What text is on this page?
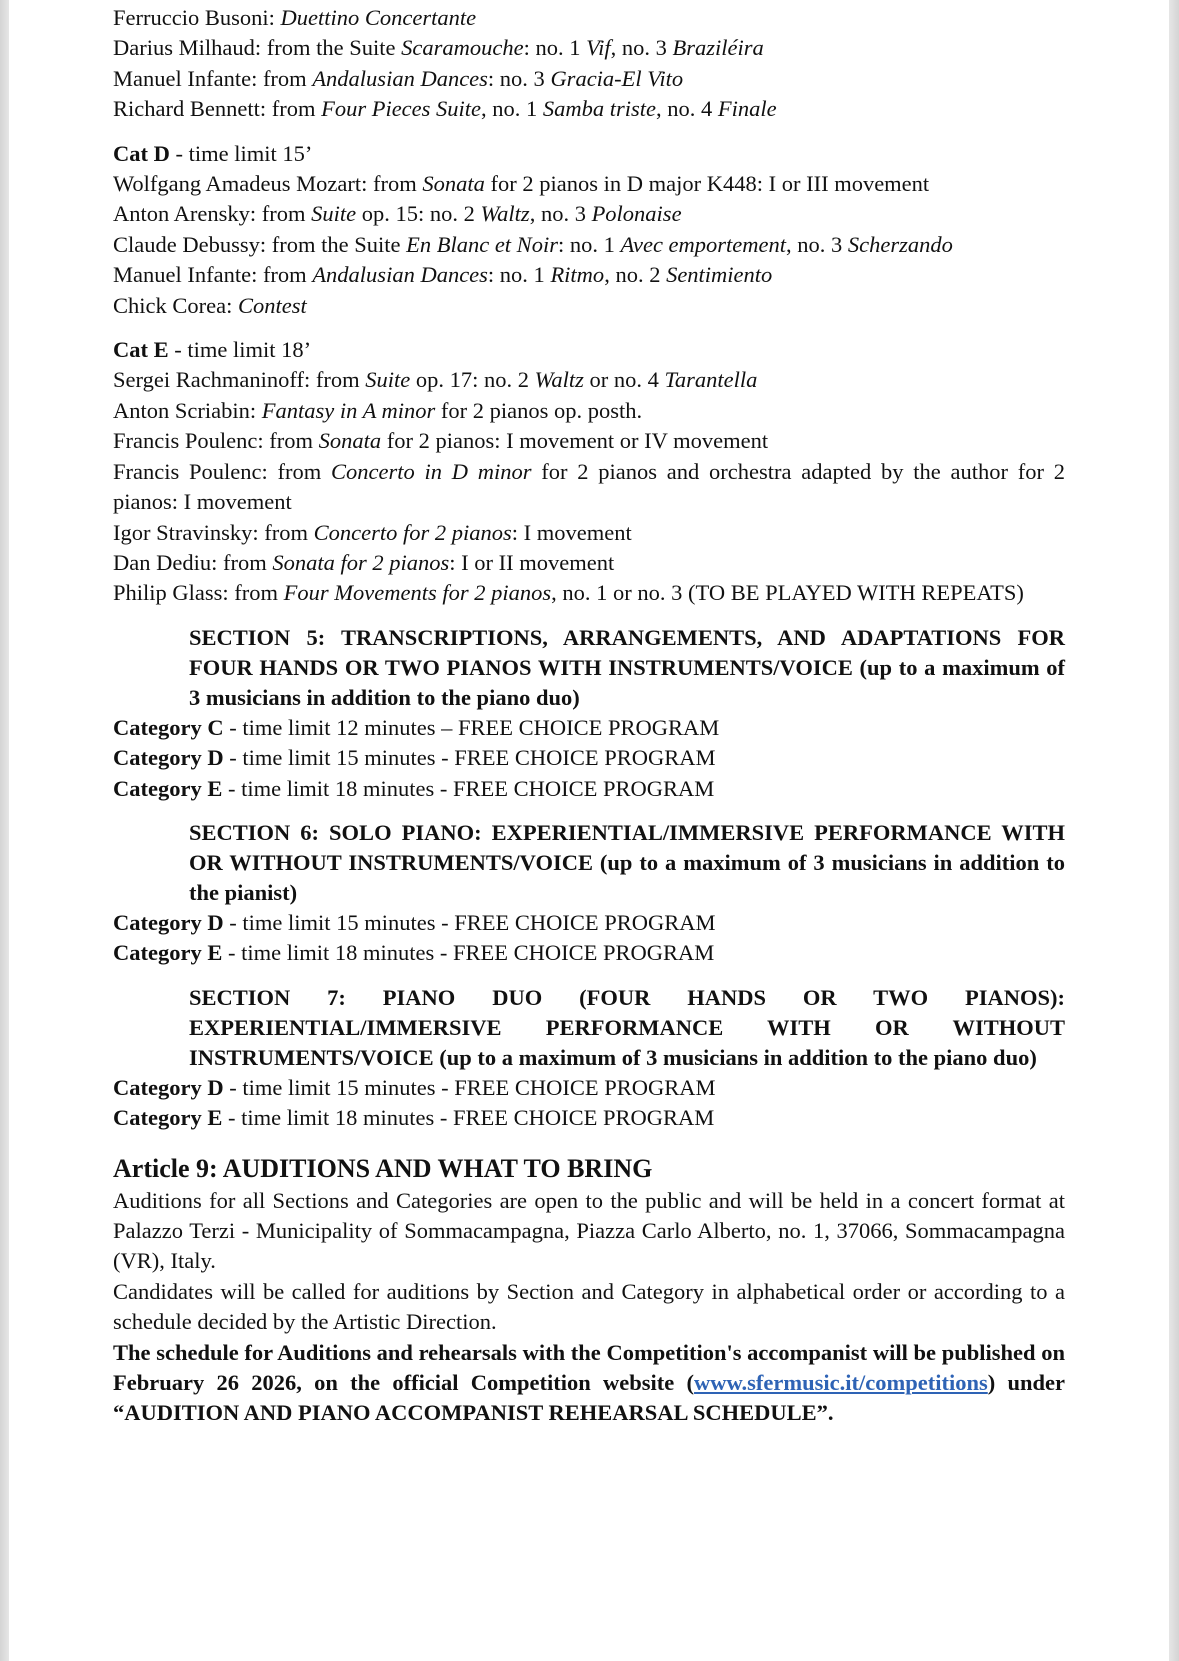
Ferruccio Busoni: Duettino Concertante
Darius Milhaud: from the Suite Scaramouche: no. 1 Vif, no. 3 Braziléira
Manuel Infante: from Andalusian Dances: no. 3 Gracia-El Vito
Richard Bennett: from Four Pieces Suite, no. 1 Samba triste, no. 4 Finale
Cat D - time limit 15’
Wolfgang Amadeus Mozart: from Sonata for 2 pianos in D major K448: I or III movement
Anton Arensky: from Suite op. 15: no. 2 Waltz, no. 3 Polonaise
Claude Debussy: from the Suite En Blanc et Noir: no. 1 Avec emportement, no. 3 Scherzando
Manuel Infante: from Andalusian Dances: no. 1 Ritmo, no. 2 Sentimiento
Chick Corea: Contest
Cat E - time limit 18’
Sergei Rachmaninoff: from Suite op. 17: no. 2 Waltz or no. 4 Tarantella
Anton Scriabin: Fantasy in A minor for 2 pianos op. posth.
Francis Poulenc: from Sonata for 2 pianos: I movement or IV movement
Francis Poulenc: from Concerto in D minor for 2 pianos and orchestra adapted by the author for 2 pianos: I movement
Igor Stravinsky: from Concerto for 2 pianos: I movement
Dan Dediu: from Sonata for 2 pianos: I or II movement
Philip Glass: from Four Movements for 2 pianos, no. 1 or no. 3 (TO BE PLAYED WITH REPEATS)
SECTION 5: TRANSCRIPTIONS, ARRANGEMENTS, AND ADAPTATIONS FOR FOUR HANDS OR TWO PIANOS WITH INSTRUMENTS/VOICE (up to a maximum of 3 musicians in addition to the piano duo)
Category C - time limit 12 minutes – FREE CHOICE PROGRAM
Category D - time limit 15 minutes - FREE CHOICE PROGRAM
Category E - time limit 18 minutes - FREE CHOICE PROGRAM
SECTION 6: SOLO PIANO: EXPERIENTIAL/IMMERSIVE PERFORMANCE WITH OR WITHOUT INSTRUMENTS/VOICE (up to a maximum of 3 musicians in addition to the pianist)
Category D - time limit 15 minutes - FREE CHOICE PROGRAM
Category E - time limit 18 minutes - FREE CHOICE PROGRAM
SECTION 7: PIANO DUO (FOUR HANDS OR TWO PIANOS): EXPERIENTIAL/IMMERSIVE PERFORMANCE WITH OR WITHOUT INSTRUMENTS/VOICE (up to a maximum of 3 musicians in addition to the piano duo)
Category D - time limit 15 minutes - FREE CHOICE PROGRAM
Category E - time limit 18 minutes - FREE CHOICE PROGRAM
Article 9: AUDITIONS AND WHAT TO BRING
Auditions for all Sections and Categories are open to the public and will be held in a concert format at Palazzo Terzi - Municipality of Sommacampagna, Piazza Carlo Alberto, no. 1, 37066, Sommacampagna (VR), Italy.
Candidates will be called for auditions by Section and Category in alphabetical order or according to a schedule decided by the Artistic Direction.
The schedule for Auditions and rehearsals with the Competition's accompanist will be published on February 26 2026, on the official Competition website (www.sfermusic.it/competitions) under “AUDITION AND PIANO ACCOMPANIST REHEARSAL SCHEDULE”.
